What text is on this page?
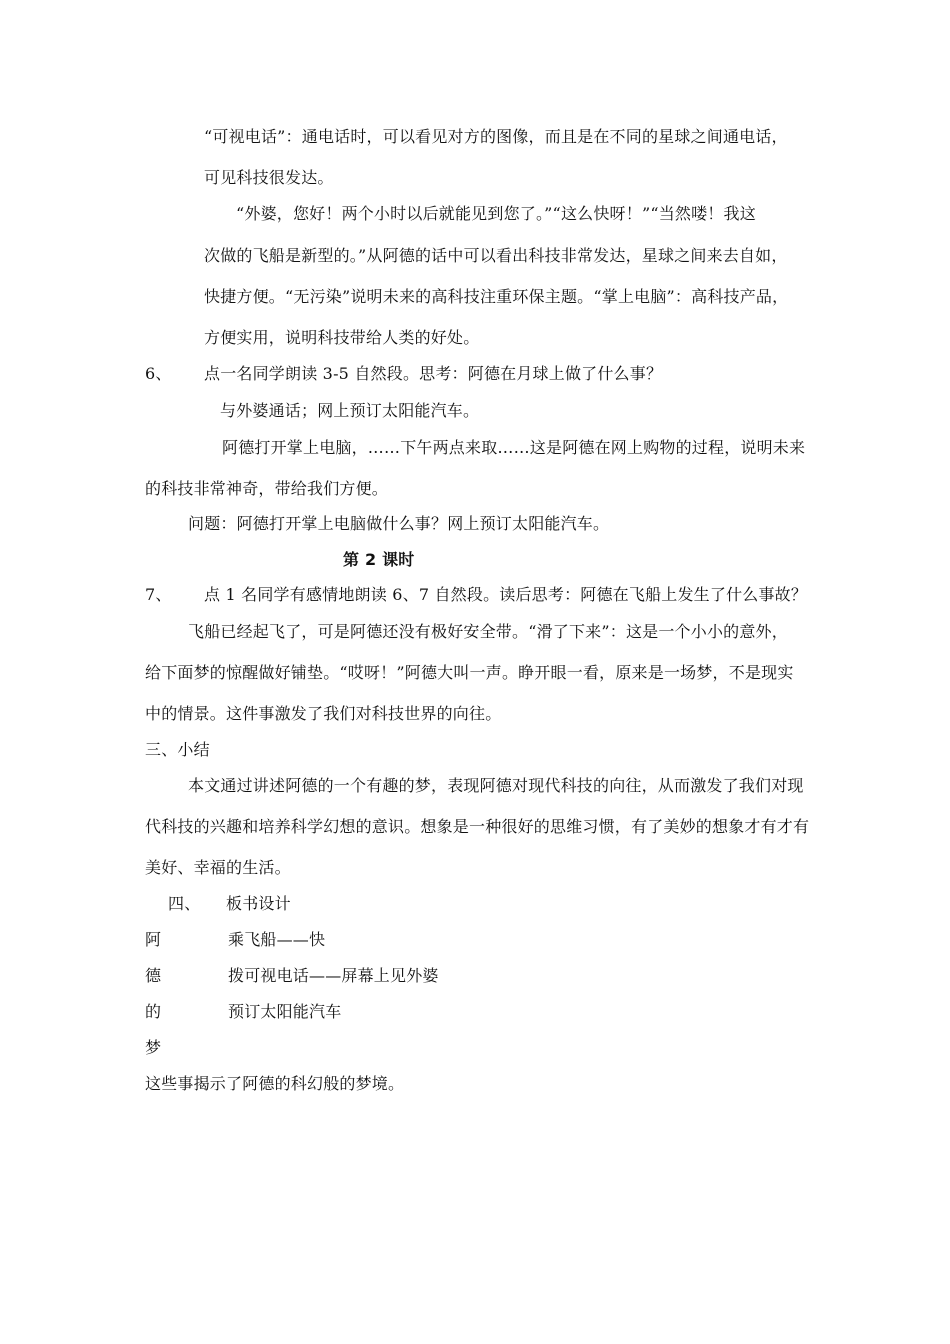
“可视电话”：通电话时，可以看见对方的图像，而且是在不同的星球之间通电话，
可见科技很发达。
“外婆，您好！两个小时以后就能见到您了。”“这么快呀！”“当然喽！我这
次做的飞船是新型的。”从阿德的话中可以看出科技非常发达，星球之间来去自如，
快捷方便。“无污染”说明未来的高科技注重环保主题。“掌上电脑”：高科技产品，
方便实用，说明科技带给人类的好处。
6、 点一名同学朗读 3-5 自然段。思考：阿德在月球上做了什么事？
与外婆通话；网上预订太阳能汽车。
阿德打开掌上电脑，……下午两点来取……这是阿德在网上购物的过程，说明未来
的科技非常神奇，带给我们方便。
问题：阿德打开掌上电脑做什么事？网上预订太阳能汽车。
第 2 课时
7、 点 1 名同学有感情地朗读 6、7 自然段。读后思考：阿德在飞船上发生了什么事故？
飞船已经起飞了，可是阿德还没有极好安全带。“滑了下来”：这是一个小小的意外，
给下面梦的惊醒做好铺垫。“哎呀！”阿德大叫一声。睁开眼一看，原来是一场梦，不是现实
中的情景。这件事激发了我们对科技世界的向往。
三、小结
本文通过讲述阿德的一个有趣的梦，表现阿德对现代科技的向往，从而激发了我们对现
代科技的兴趣和培养科学幻想的意识。想象是一种很好的思维习惯，有了美妙的想象才有才有
美好、幸福的生活。
四、 板书设计
阿	乘飞船——快
德	拨可视电话——屏幕上见外婆
的	预订太阳能汽车
梦
这些事揭示了阿德的科幻般的梦境。
